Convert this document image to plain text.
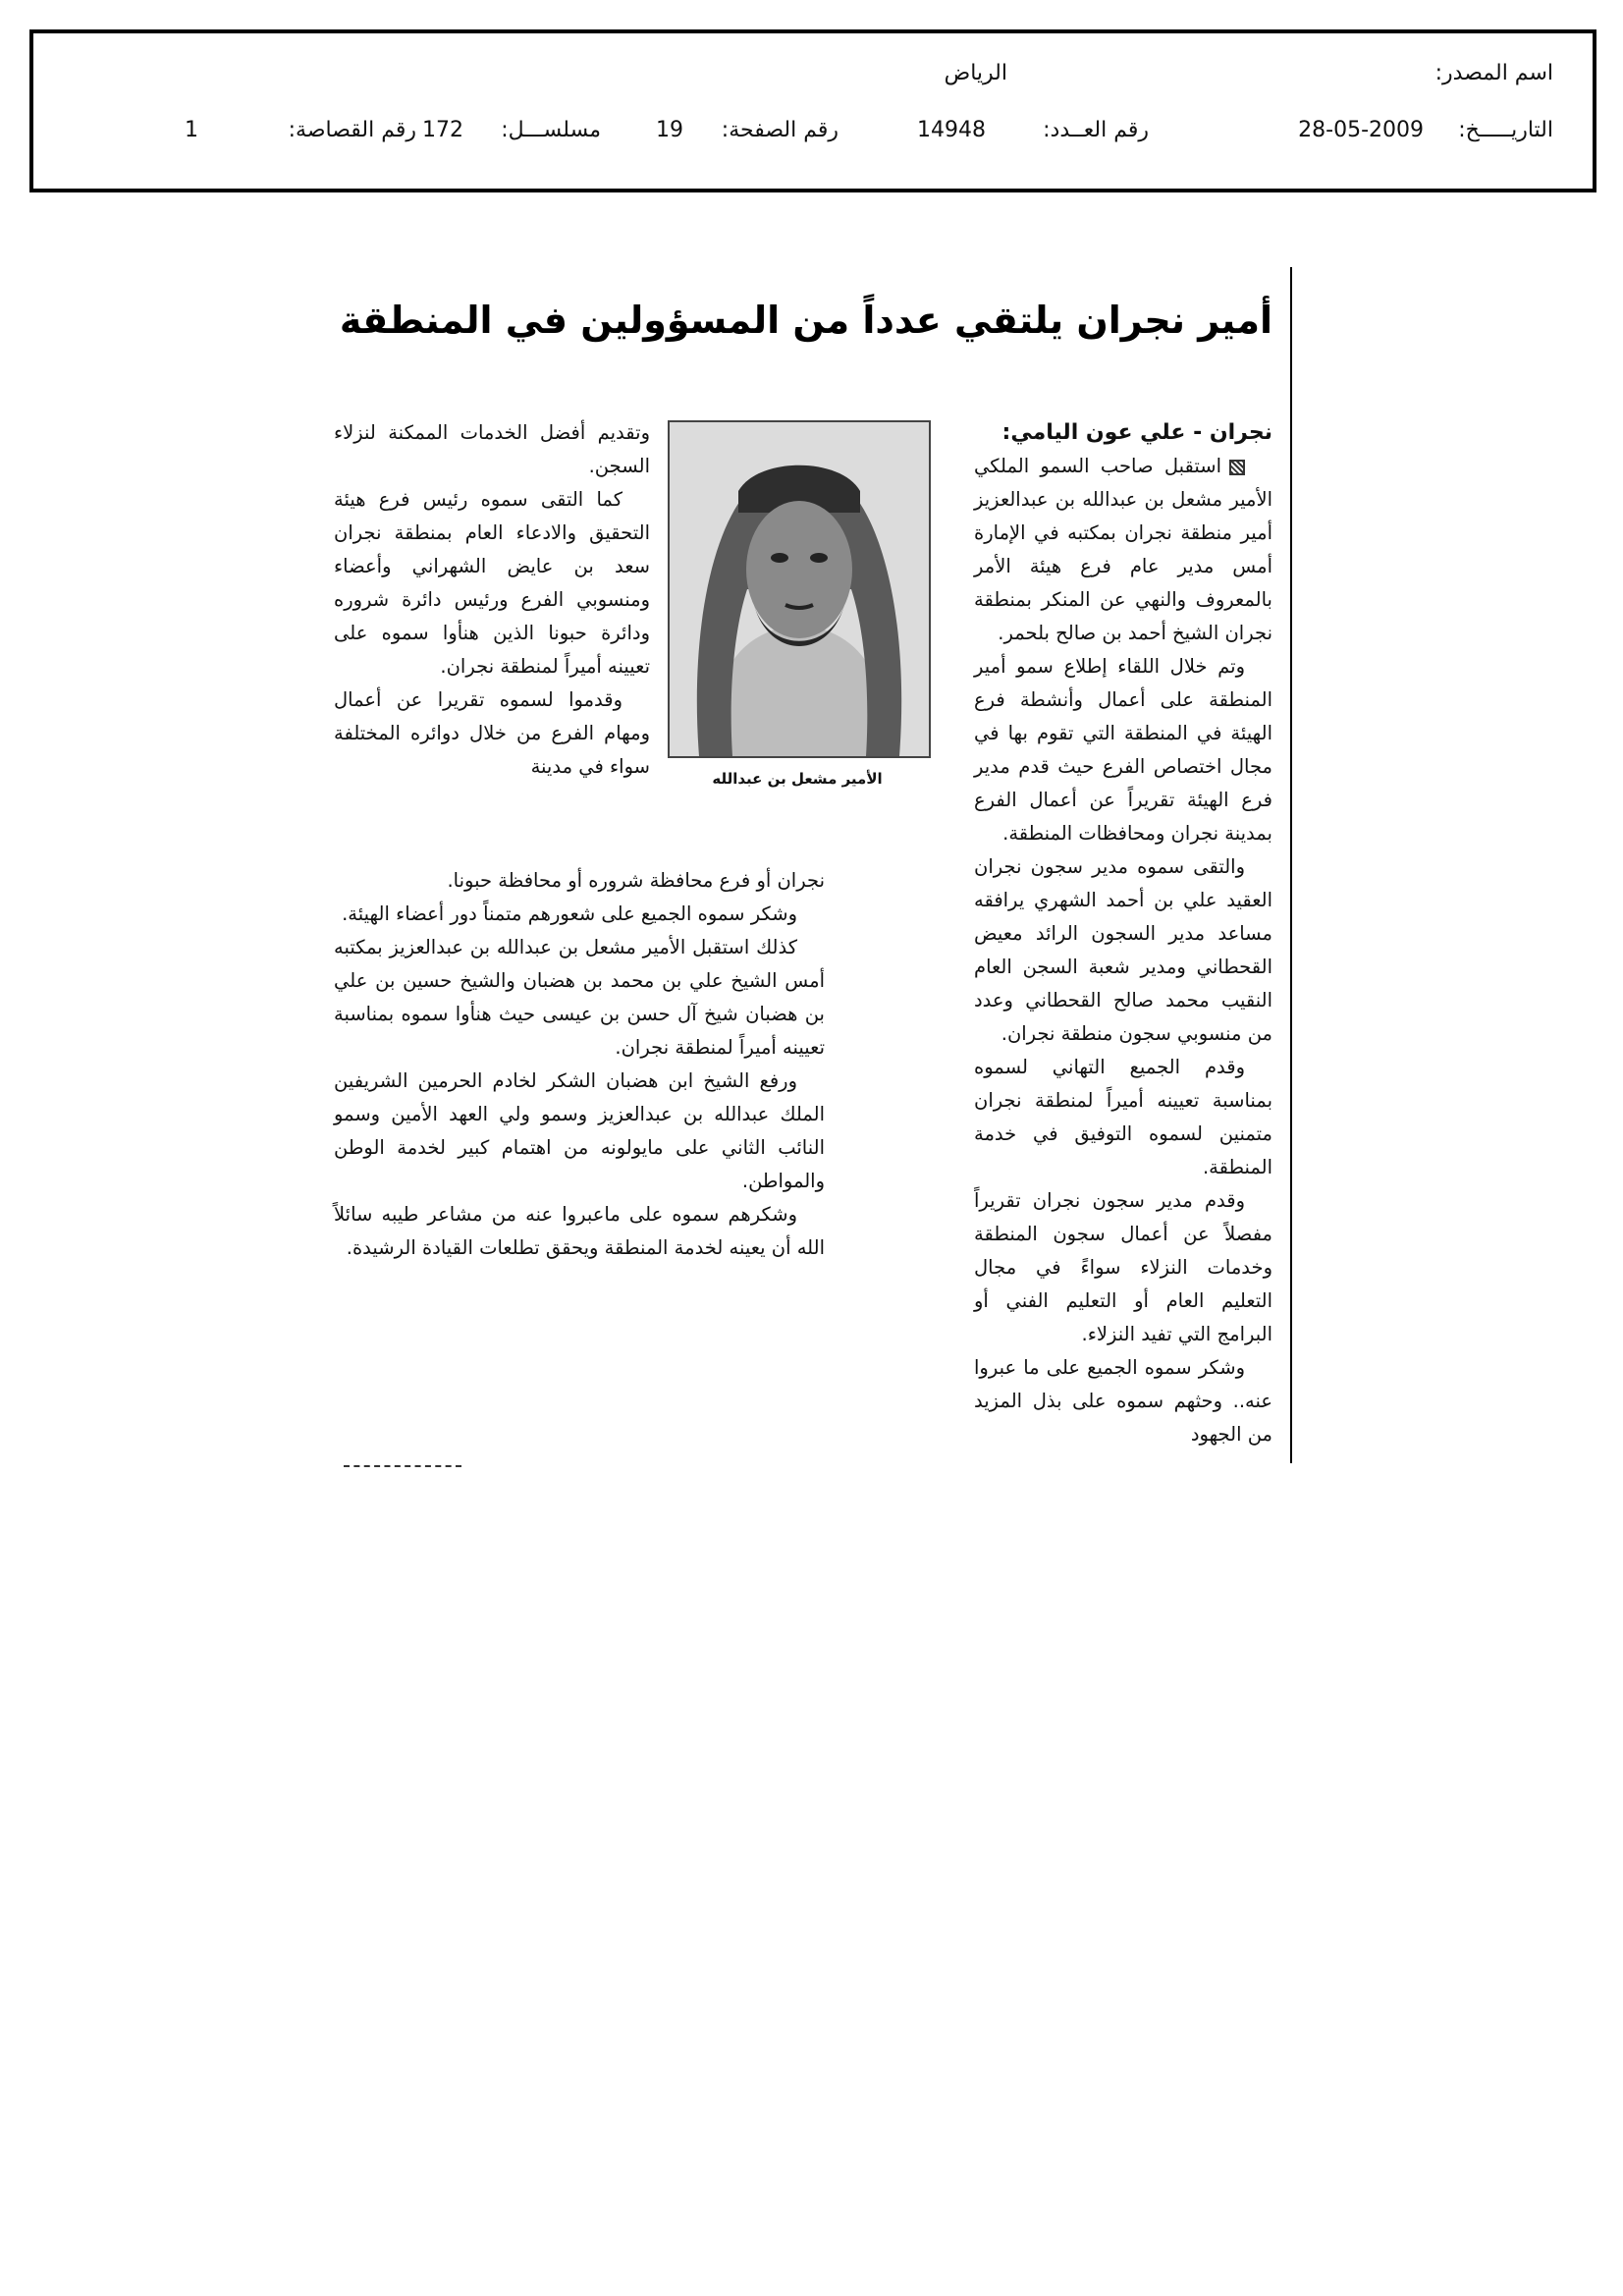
اسم المصدر:
الرياض
التاريـــــخ:
28-05-2009
رقم العــدد:
14948
رقم الصفحة:
19
مسلســـل:
172
رقم القصاصة:
1
أمير نجران يلتقي عدداً من المسؤولين في المنطقة

نجران - علي عون اليامي:

استقبل صاحب السمو الملكي الأمير مشعل بن عبدالله بن عبدالعزيز أمير منطقة نجران بمكتبه في الإمارة أمس مدير عام فرع هيئة الأمر بالمعروف والنهي عن المنكر بمنطقة نجران الشيخ أحمد بن صالح بلحمر.

وتم خلال اللقاء إطلاع سمو أمير المنطقة على أعمال وأنشطة فرع الهيئة في المنطقة التي تقوم بها في مجال اختصاص الفرع حيث قدم مدير فرع الهيئة تقريراً عن أعمال الفرع بمدينة نجران ومحافظات المنطقة.

والتقى سموه مدير سجون نجران العقيد علي بن أحمد الشهري يرافقه مساعد مدير السجون الرائد معيض القحطاني ومدير شعبة السجن العام النقيب محمد صالح القحطاني وعدد من منسوبي سجون منطقة نجران.

وقدم الجميع التهاني لسموه بمناسبة تعيينه أميراً لمنطقة نجران متمنين لسموه التوفيق في خدمة المنطقة.

وقدم مدير سجون نجران تقريراً مفصلاً عن أعمال سجون المنطقة وخدمات النزلاء سواءً في مجال التعليم العام أو التعليم الفني أو البرامج التي تفيد النزلاء.

وشكر سموه الجميع على ما عبروا عنه.. وحثهم سموه على بذل المزيد من الجهود

الأمير مشعل بن عبدالله

وتقديم أفضل الخدمات الممكنة لنزلاء السجن.

كما التقى سموه رئيس فرع هيئة التحقيق والادعاء العام بمنطقة نجران سعد بن عايض الشهراني وأعضاء ومنسوبي الفرع ورئيس دائرة شروره ودائرة حبونا الذين هنأوا سموه على تعيينه أميراً لمنطقة نجران.

وقدموا لسموه تقريرا عن أعمال ومهام الفرع من خلال دوائره المختلفة سواء في مدينة

نجران أو فرع محافظة شروره أو محافظة حبونا.

وشكر سموه الجميع على شعورهم متمناً دور أعضاء الهيئة.

كذلك استقبل الأمير مشعل بن عبدالله بن عبدالعزيز بمكتبه أمس الشيخ علي بن محمد بن هضبان والشيخ حسين بن علي بن هضبان شيخ آل حسن بن عيسى حيث هنأوا سموه بمناسبة تعيينه أميراً لمنطقة نجران.

ورفع الشيخ ابن هضبان الشكر لخادم الحرمين الشريفين الملك عبدالله بن عبدالعزيز وسمو ولي العهد الأمين وسمو النائب الثاني على مايولونه من اهتمام كبير لخدمة الوطن والمواطن.

وشكرهم سموه على ماعبروا عنه من مشاعر طيبه سائلاً الله أن يعينه لخدمة المنطقة ويحقق تطلعات القيادة الرشيدة.
